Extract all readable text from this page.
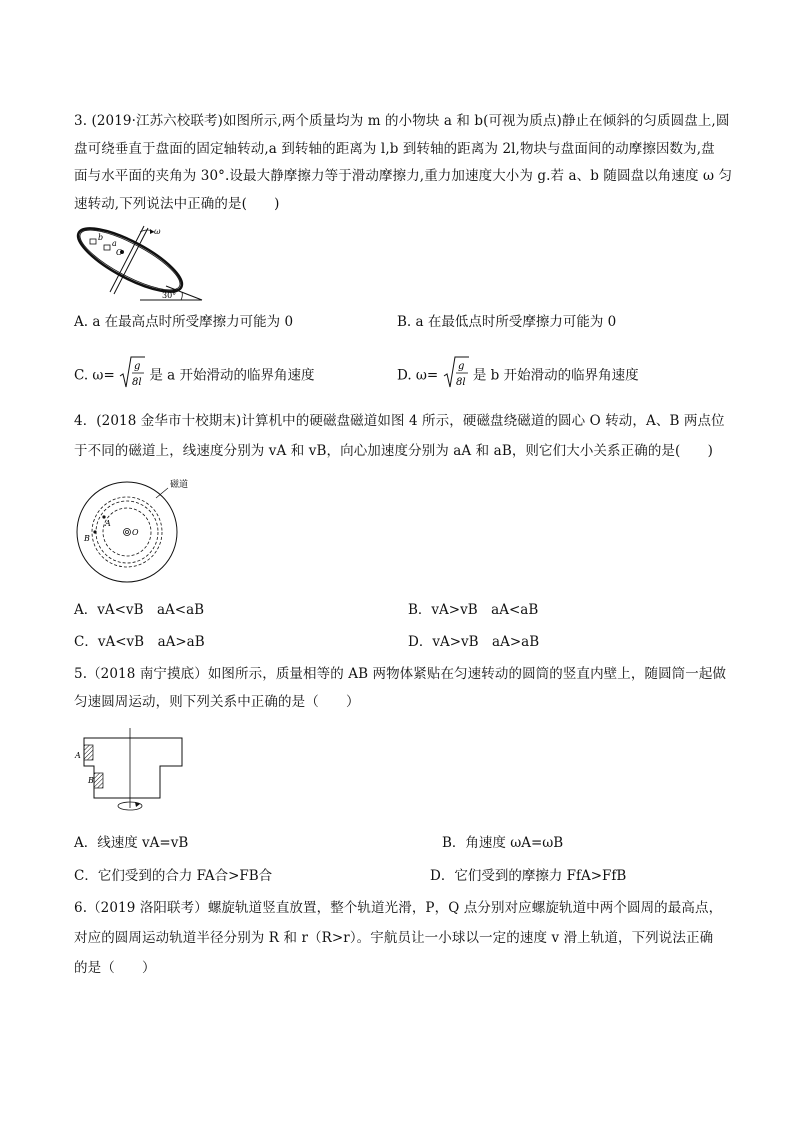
3. (2019·江苏六校联考)如图所示,两个质量均为 m 的小物块 a 和 b(可视为质点)静止在倾斜的匀质圆盘上,圆
盘可绕垂直于盘面的固定轴转动,a 到转轴的距离为 l,b 到转轴的距离为 2l,物块与盘面间的动摩擦因数为,盘
面与水平面的夹角为 30°.设最大静摩擦力等于滑动摩擦力,重力加速度大小为 g.若 a、b 随圆盘以角速度 ω 匀
速转动,下列说法中正确的是(　　)
b
a
O
ω
30°
A. a 在最高点时所受摩擦力可能为 0	B. a 在最低点时所受摩擦力可能为 0
C. ω=
g
8l 是 a 开始滑动的临界角速度	D. ω=
g
8l 是 b 开始滑动的临界角速度
4．(2018 金华市十校期末)计算机中的硬磁盘磁道如图 4 所示，硬磁盘绕磁道的圆心 O 转动，A、B 两点位
于不同的磁道上，线速度分别为 vA 和 vB，向心加速度分别为 aA 和 aB，则它们大小关系正确的是(　　)
磁道
A
B
O
A．vA<vB　aA<aB	B．vA>vB　aA<aB
C．vA<vB　aA>aB	D．vA>vB　aA>aB
5.（2018 南宁摸底）如图所示，质量相等的 AB 两物体紧贴在匀速转动的圆筒的竖直内壁上，随圆筒一起做
匀速圆周运动，则下列关系中正确的是（　　）
A
B
A．线速度 vA=vB	B．角速度 ωA=ωB
C．它们受到的合力 FA合>FB合	D．它们受到的摩擦力 FfA>FfB
6.（2019 洛阳联考）螺旋轨道竖直放置，整个轨道光滑，P，Q 点分别对应螺旋轨道中两个圆周的最高点，
对应的圆周运动轨道半径分别为 R 和 r（R>r）。宇航员让一小球以一定的速度 v 滑上轨道，下列说法正确
的是（　　）
